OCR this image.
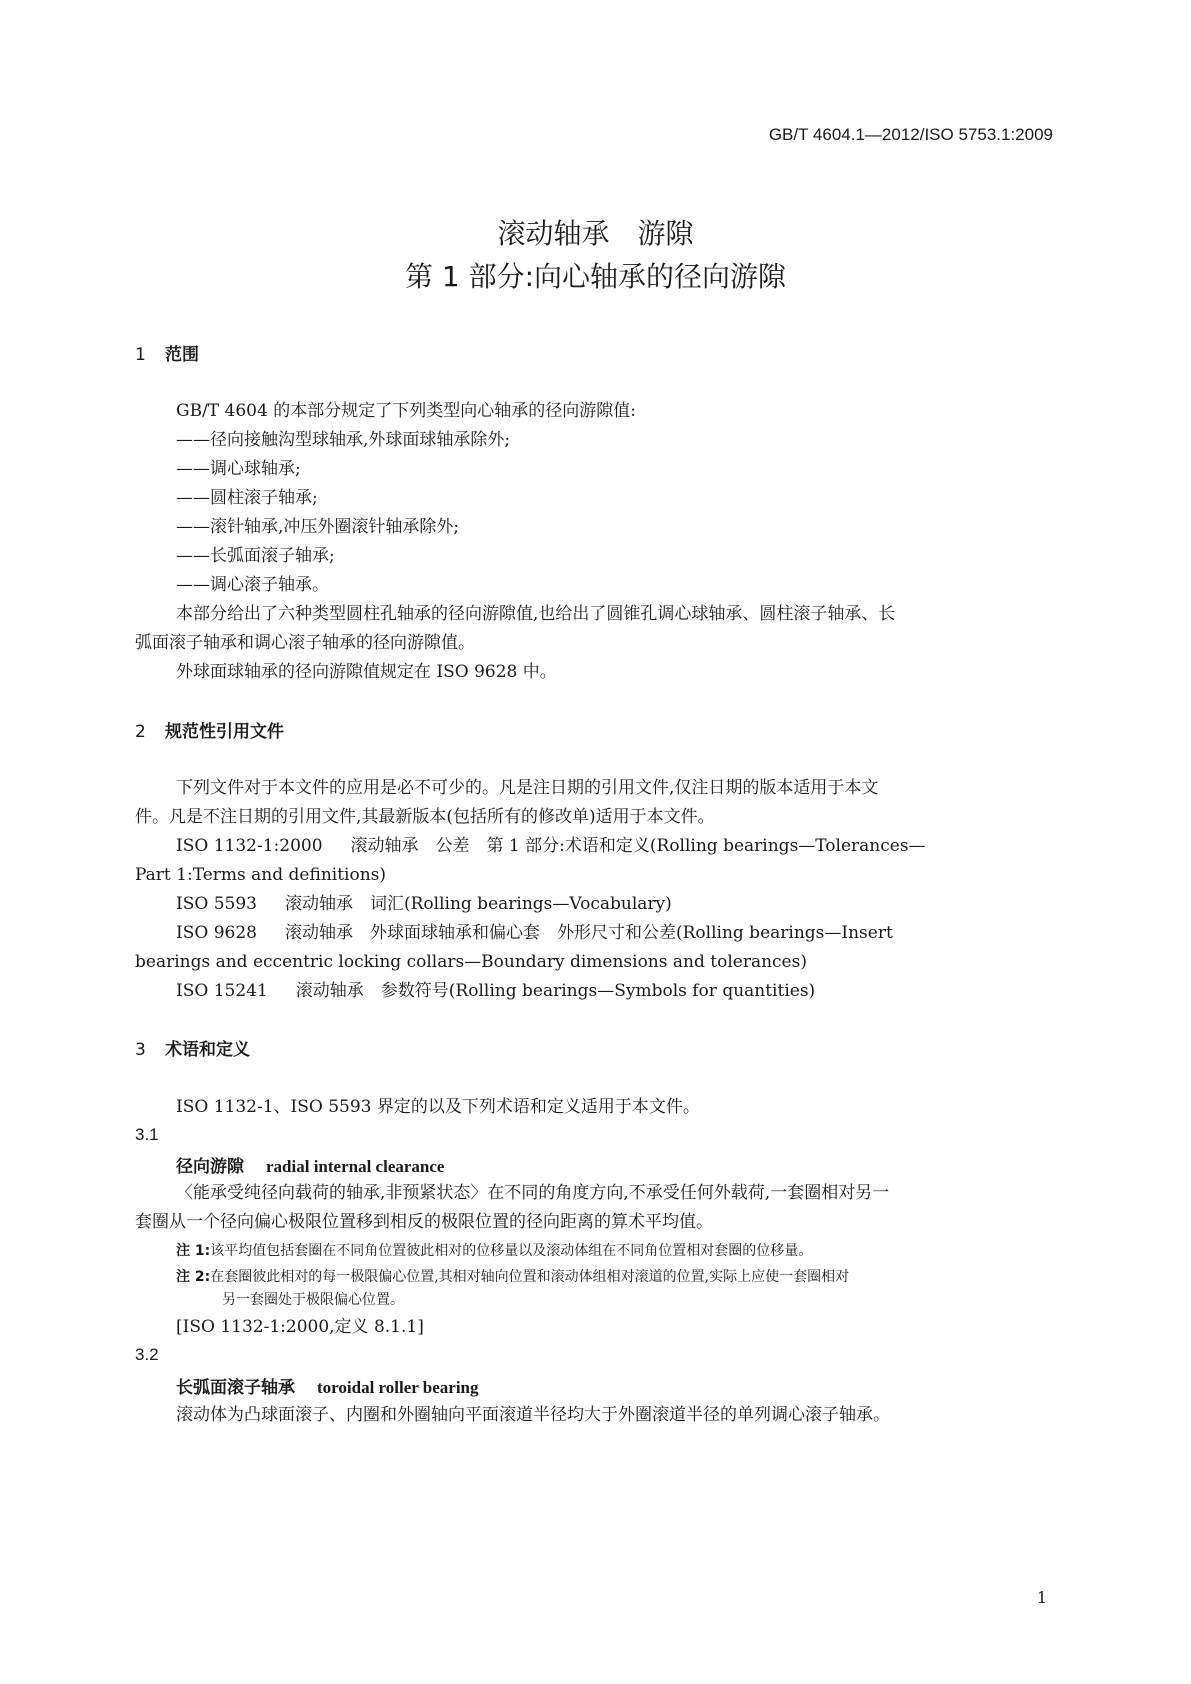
GB/T 4604.1—2012/ISO 5753.1:2009
滚动轴承　游隙
第 1 部分:向心轴承的径向游隙
1 范围
GB/T 4604 的本部分规定了下列类型向心轴承的径向游隙值:
——径向接触沟型球轴承,外球面球轴承除外;
——调心球轴承;
——圆柱滚子轴承;
——滚针轴承,冲压外圈滚针轴承除外;
——长弧面滚子轴承;
——调心滚子轴承。
本部分给出了六种类型圆柱孔轴承的径向游隙值,也给出了圆锥孔调心球轴承、圆柱滚子轴承、长
弧面滚子轴承和调心滚子轴承的径向游隙值。
外球面球轴承的径向游隙值规定在 ISO 9628 中。
2 规范性引用文件
下列文件对于本文件的应用是必不可少的。凡是注日期的引用文件,仅注日期的版本适用于本文
件。凡是不注日期的引用文件,其最新版本(包括所有的修改单)适用于本文件。
ISO 1132-1:2000 滚动轴承　公差　第 1 部分:术语和定义(Rolling bearings—Tolerances—
Part 1:Terms and definitions)
ISO 5593 滚动轴承　词汇(Rolling bearings—Vocabulary)
ISO 9628 滚动轴承　外球面球轴承和偏心套　外形尺寸和公差(Rolling bearings—Insert
bearings and eccentric locking collars—Boundary dimensions and tolerances)
ISO 15241 滚动轴承　参数符号(Rolling bearings—Symbols for quantities)
3 术语和定义
ISO 1132-1、ISO 5593 界定的以及下列术语和定义适用于本文件。
3.1
径向游隙 radial internal clearance
〈能承受纯径向载荷的轴承,非预紧状态〉在不同的角度方向,不承受任何外载荷,一套圈相对另一
套圈从一个径向偏心极限位置移到相反的极限位置的径向距离的算术平均值。
注 1:该平均值包括套圈在不同角位置彼此相对的位移量以及滚动体组在不同角位置相对套圈的位移量。
注 2:在套圈彼此相对的每一极限偏心位置,其相对轴向位置和滚动体组相对滚道的位置,实际上应使一套圈相对
另一套圈处于极限偏心位置。
[ISO 1132-1:2000,定义 8.1.1]
3.2
长弧面滚子轴承 toroidal roller bearing
滚动体为凸球面滚子、内圈和外圈轴向平面滚道半径均大于外圈滚道半径的单列调心滚子轴承。
1
